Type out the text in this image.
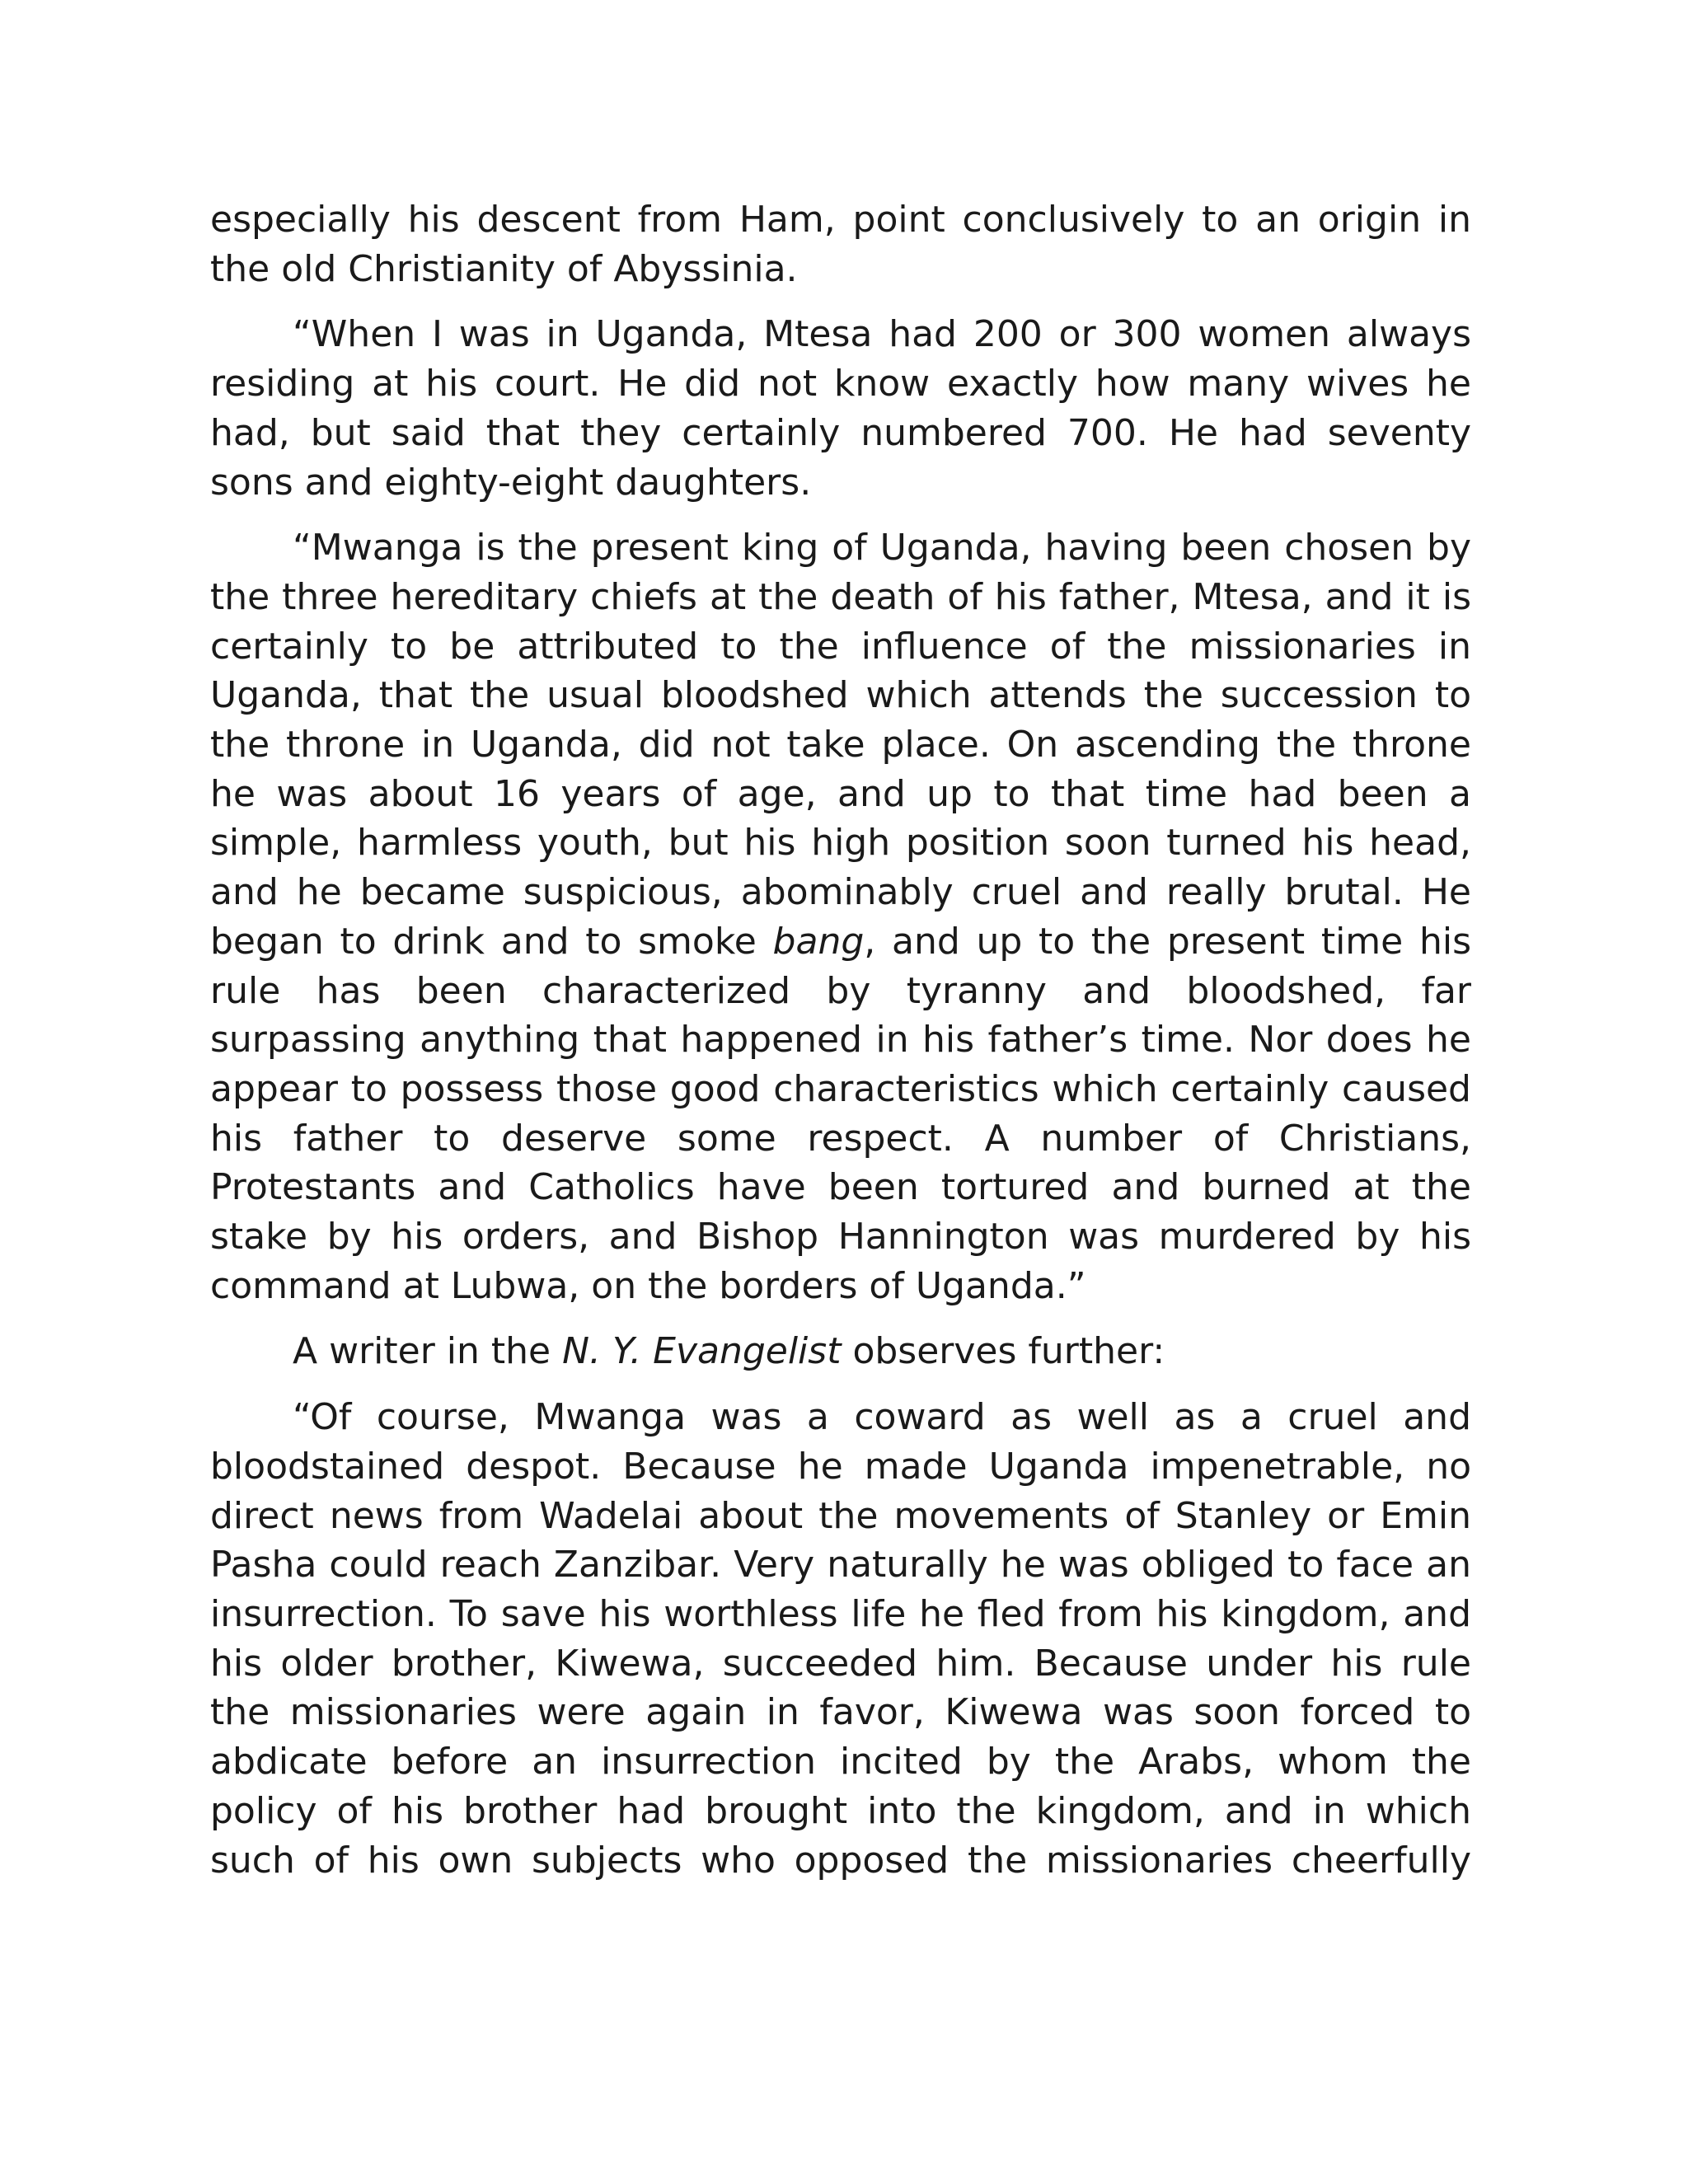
especially his descent from Ham, point conclusively to an origin in the old Christianity of Abyssinia.

“When I was in Uganda, Mtesa had 200 or 300 women always residing at his court. He did not know exactly how many wives he had, but said that they certainly numbered 700. He had seventy sons and eighty-eight daughters.

“Mwanga is the present king of Uganda, having been chosen by the three hereditary chiefs at the death of his father, Mtesa, and it is certainly to be attributed to the influence of the missionaries in Uganda, that the usual bloodshed which attends the succession to the throne in Uganda, did not take place. On ascending the throne he was about 16 years of age, and up to that time had been a simple, harmless youth, but his high position soon turned his head, and he became suspicious, abominably cruel and really brutal. He began to drink and to smoke bang, and up to the present time his rule has been characterized by tyranny and bloodshed, far surpassing anything that happened in his father’s time. Nor does he appear to possess those good characteristics which certainly caused his father to deserve some respect. A number of Christians, Protestants and Catholics have been tortured and burned at the stake by his orders, and Bishop Hannington was murdered by his command at Lubwa, on the borders of Uganda.”

A writer in the N. Y. Evangelist observes further:

“Of course, Mwanga was a coward as well as a cruel and bloodstained despot. Because he made Uganda impenetrable, no direct news from Wadelai about the movements of Stanley or Emin Pasha could reach Zanzibar. Very naturally he was obliged to face an insurrection. To save his worthless life he fled from his kingdom, and his older brother, Kiwewa, succeeded him. Because under his rule the missionaries were again in favor, Kiwewa was soon forced to abdicate before an insurrection incited by the Arabs, whom the policy of his brother had brought into the kingdom, and in which such of his own subjects who opposed the missionaries cheerfully
